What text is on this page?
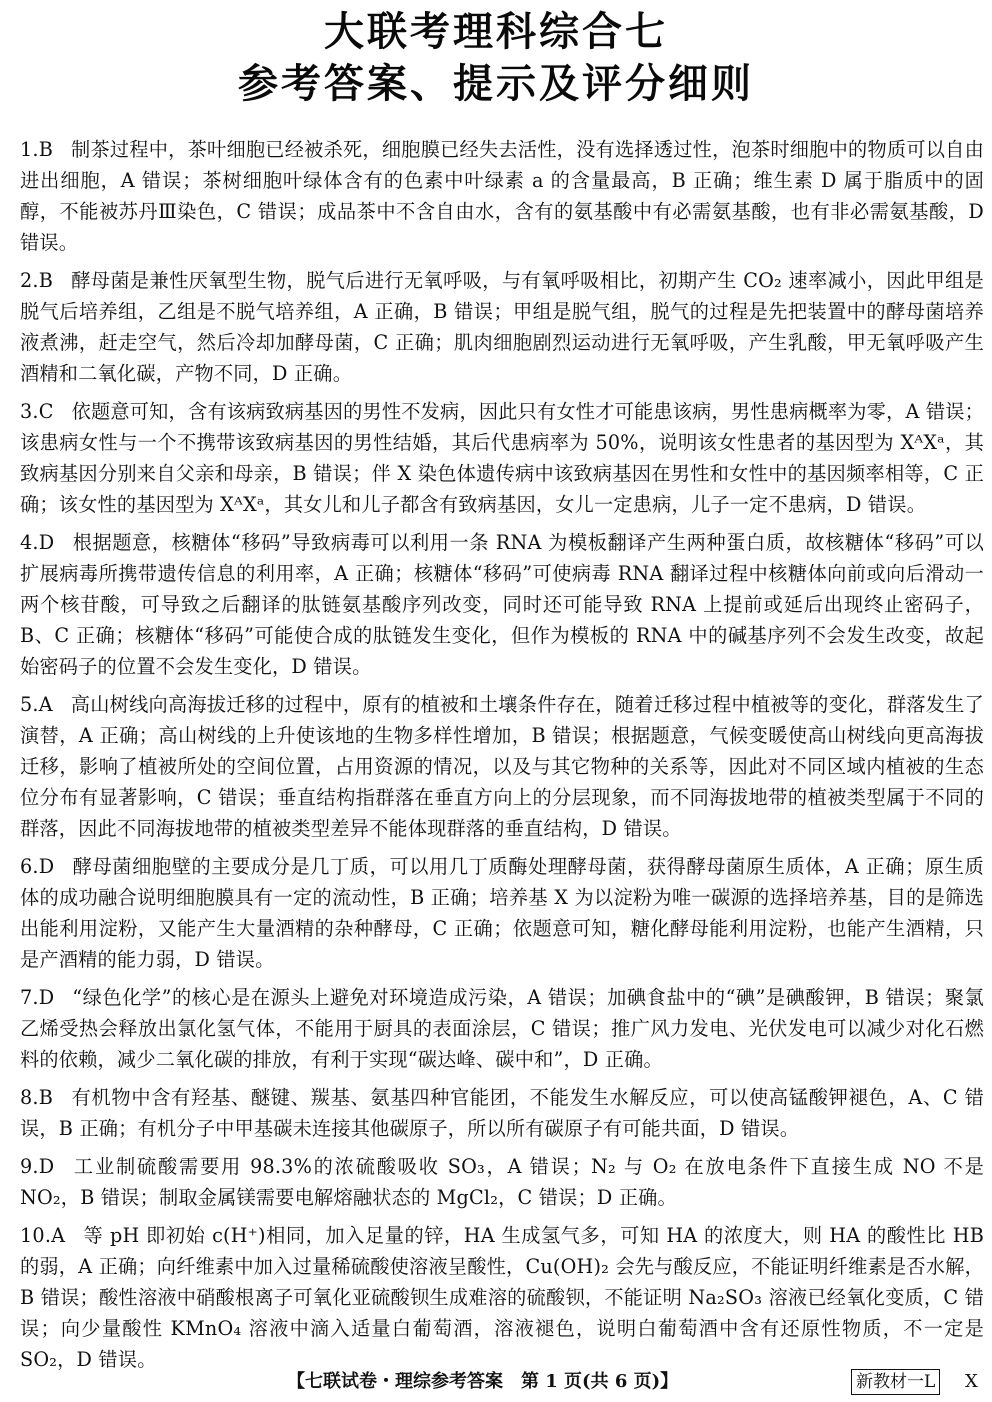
大联考理科综合七
参考答案、提示及评分细则
1.B 制茶过程中，茶叶细胞已经被杀死，细胞膜已经失去活性，没有选择透过性，泡茶时细胞中的物质可以自由进出细胞，A 错误；茶树细胞叶绿体含有的色素中叶绿素 a 的含量最高，B 正确；维生素 D 属于脂质中的固醇，不能被苏丹Ⅲ染色，C 错误；成品茶中不含自由水，含有的氨基酸中有必需氨基酸，也有非必需氨基酸，D 错误。
2.B 酵母菌是兼性厌氧型生物，脱气后进行无氧呼吸，与有氧呼吸相比，初期产生 CO₂ 速率减小，因此甲组是脱气后培养组，乙组是不脱气培养组，A 正确，B 错误；甲组是脱气组，脱气的过程是先把装置中的酵母菌培养液煮沸，赶走空气，然后冷却加酵母菌，C 正确；肌肉细胞剧烈运动进行无氧呼吸，产生乳酸，甲无氧呼吸产生酒精和二氧化碳，产物不同，D 正确。
3.C 依题意可知，含有该病致病基因的男性不发病，因此只有女性才可能患该病，男性患病概率为零，A 错误；该患病女性与一个不携带该致病基因的男性结婚，其后代患病率为 50%，说明该女性患者的基因型为 XᴬXᵃ，其致病基因分别来自父亲和母亲，B 错误；伴 X 染色体遗传病中该致病基因在男性和女性中的基因频率相等，C 正确；该女性的基因型为 XᴬXᵃ，其女儿和儿子都含有致病基因，女儿一定患病，儿子一定不患病，D 错误。
4.D 根据题意，核糖体“移码”导致病毒可以利用一条 RNA 为模板翻译产生两种蛋白质，故核糖体“移码”可以扩展病毒所携带遗传信息的利用率，A 正确；核糖体“移码”可使病毒 RNA 翻译过程中核糖体向前或向后滑动一两个核苷酸，可导致之后翻译的肽链氨基酸序列改变，同时还可能导致 RNA 上提前或延后出现终止密码子，B、C 正确；核糖体“移码”可能使合成的肽链发生变化，但作为模板的 RNA 中的碱基序列不会发生改变，故起始密码子的位置不会发生变化，D 错误。
5.A 高山树线向高海拔迁移的过程中，原有的植被和土壤条件存在，随着迁移过程中植被等的变化，群落发生了演替，A 正确；高山树线的上升使该地的生物多样性增加，B 错误；根据题意，气候变暖使高山树线向更高海拔迁移，影响了植被所处的空间位置，占用资源的情况，以及与其它物种的关系等，因此对不同区域内植被的生态位分布有显著影响，C 错误；垂直结构指群落在垂直方向上的分层现象，而不同海拔地带的植被类型属于不同的群落，因此不同海拔地带的植被类型差异不能体现群落的垂直结构，D 错误。
6.D 酵母菌细胞壁的主要成分是几丁质，可以用几丁质酶处理酵母菌，获得酵母菌原生质体，A 正确；原生质体的成功融合说明细胞膜具有一定的流动性，B 正确；培养基 X 为以淀粉为唯一碳源的选择培养基，目的是筛选出能利用淀粉，又能产生大量酒精的杂种酵母，C 正确；依题意可知，糖化酵母能利用淀粉，也能产生酒精，只是产酒精的能力弱，D 错误。
7.D “绿色化学”的核心是在源头上避免对环境造成污染，A 错误；加碘食盐中的“碘”是碘酸钾，B 错误；聚氯乙烯受热会释放出氯化氢气体，不能用于厨具的表面涂层，C 错误；推广风力发电、光伏发电可以减少对化石燃料的依赖，减少二氧化碳的排放，有利于实现“碳达峰、碳中和”，D 正确。
8.B 有机物中含有羟基、醚键、羰基、氨基四种官能团，不能发生水解反应，可以使高锰酸钾褪色，A、C 错误，B 正确；有机分子中甲基碳未连接其他碳原子，所以所有碳原子有可能共面，D 错误。
9.D 工业制硫酸需要用 98.3%的浓硫酸吸收 SO₃，A 错误；N₂ 与 O₂ 在放电条件下直接生成 NO 不是 NO₂，B 错误；制取金属镁需要电解熔融状态的 MgCl₂，C 错误；D 正确。
10.A 等 pH 即初始 c(H⁺)相同，加入足量的锌，HA 生成氢气多，可知 HA 的浓度大，则 HA 的酸性比 HB 的弱，A 正确；向纤维素中加入过量稀硫酸使溶液呈酸性，Cu(OH)₂ 会先与酸反应，不能证明纤维素是否水解，B 错误；酸性溶液中硝酸根离子可氧化亚硫酸钡生成难溶的硫酸钡，不能证明 Na₂SO₃ 溶液已经氧化变质，C 错误；向少量酸性 KMnO₄ 溶液中滴入适量白葡萄酒，溶液褪色，说明白葡萄酒中含有还原性物质，不一定是 SO₂，D 错误。
【七联试卷・理综参考答案　第 1 页(共 6 页)】	新教材一L X
